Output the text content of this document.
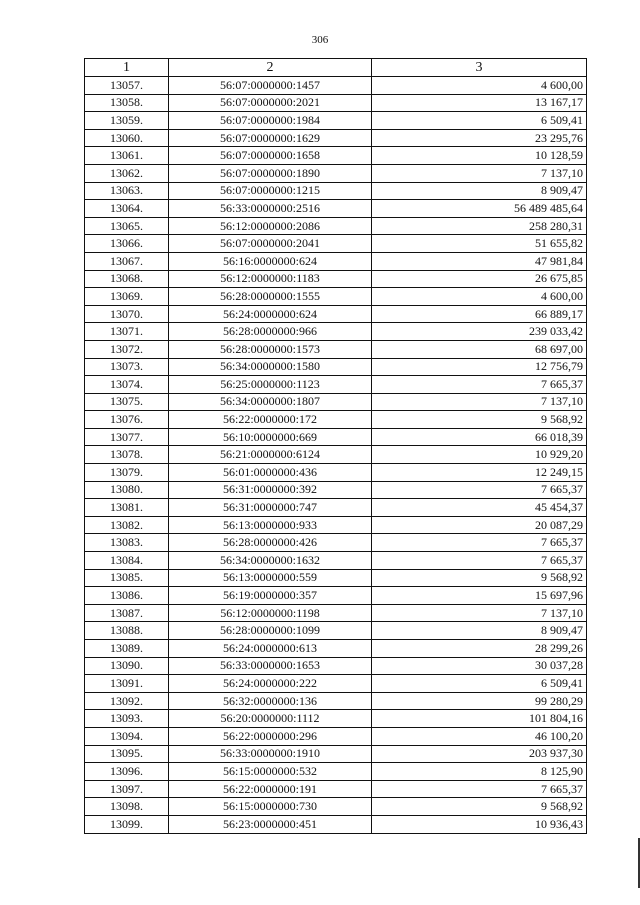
306
1	2	3
13057.	56:07:0000000:1457	4 600,00
13058.	56:07:0000000:2021	13 167,17
13059.	56:07:0000000:1984	6 509,41
13060.	56:07:0000000:1629	23 295,76
13061.	56:07:0000000:1658	10 128,59
13062.	56:07:0000000:1890	7 137,10
13063.	56:07:0000000:1215	8 909,47
13064.	56:33:0000000:2516	56 489 485,64
13065.	56:12:0000000:2086	258 280,31
13066.	56:07:0000000:2041	51 655,82
13067.	56:16:0000000:624	47 981,84
13068.	56:12:0000000:1183	26 675,85
13069.	56:28:0000000:1555	4 600,00
13070.	56:24:0000000:624	66 889,17
13071.	56:28:0000000:966	239 033,42
13072.	56:28:0000000:1573	68 697,00
13073.	56:34:0000000:1580	12 756,79
13074.	56:25:0000000:1123	7 665,37
13075.	56:34:0000000:1807	7 137,10
13076.	56:22:0000000:172	9 568,92
13077.	56:10:0000000:669	66 018,39
13078.	56:21:0000000:6124	10 929,20
13079.	56:01:0000000:436	12 249,15
13080.	56:31:0000000:392	7 665,37
13081.	56:31:0000000:747	45 454,37
13082.	56:13:0000000:933	20 087,29
13083.	56:28:0000000:426	7 665,37
13084.	56:34:0000000:1632	7 665,37
13085.	56:13:0000000:559	9 568,92
13086.	56:19:0000000:357	15 697,96
13087.	56:12:0000000:1198	7 137,10
13088.	56:28:0000000:1099	8 909,47
13089.	56:24:0000000:613	28 299,26
13090.	56:33:0000000:1653	30 037,28
13091.	56:24:0000000:222	6 509,41
13092.	56:32:0000000:136	99 280,29
13093.	56:20:0000000:1112	101 804,16
13094.	56:22:0000000:296	46 100,20
13095.	56:33:0000000:1910	203 937,30
13096.	56:15:0000000:532	8 125,90
13097.	56:22:0000000:191	7 665,37
13098.	56:15:0000000:730	9 568,92
13099.	56:23:0000000:451	10 936,43
